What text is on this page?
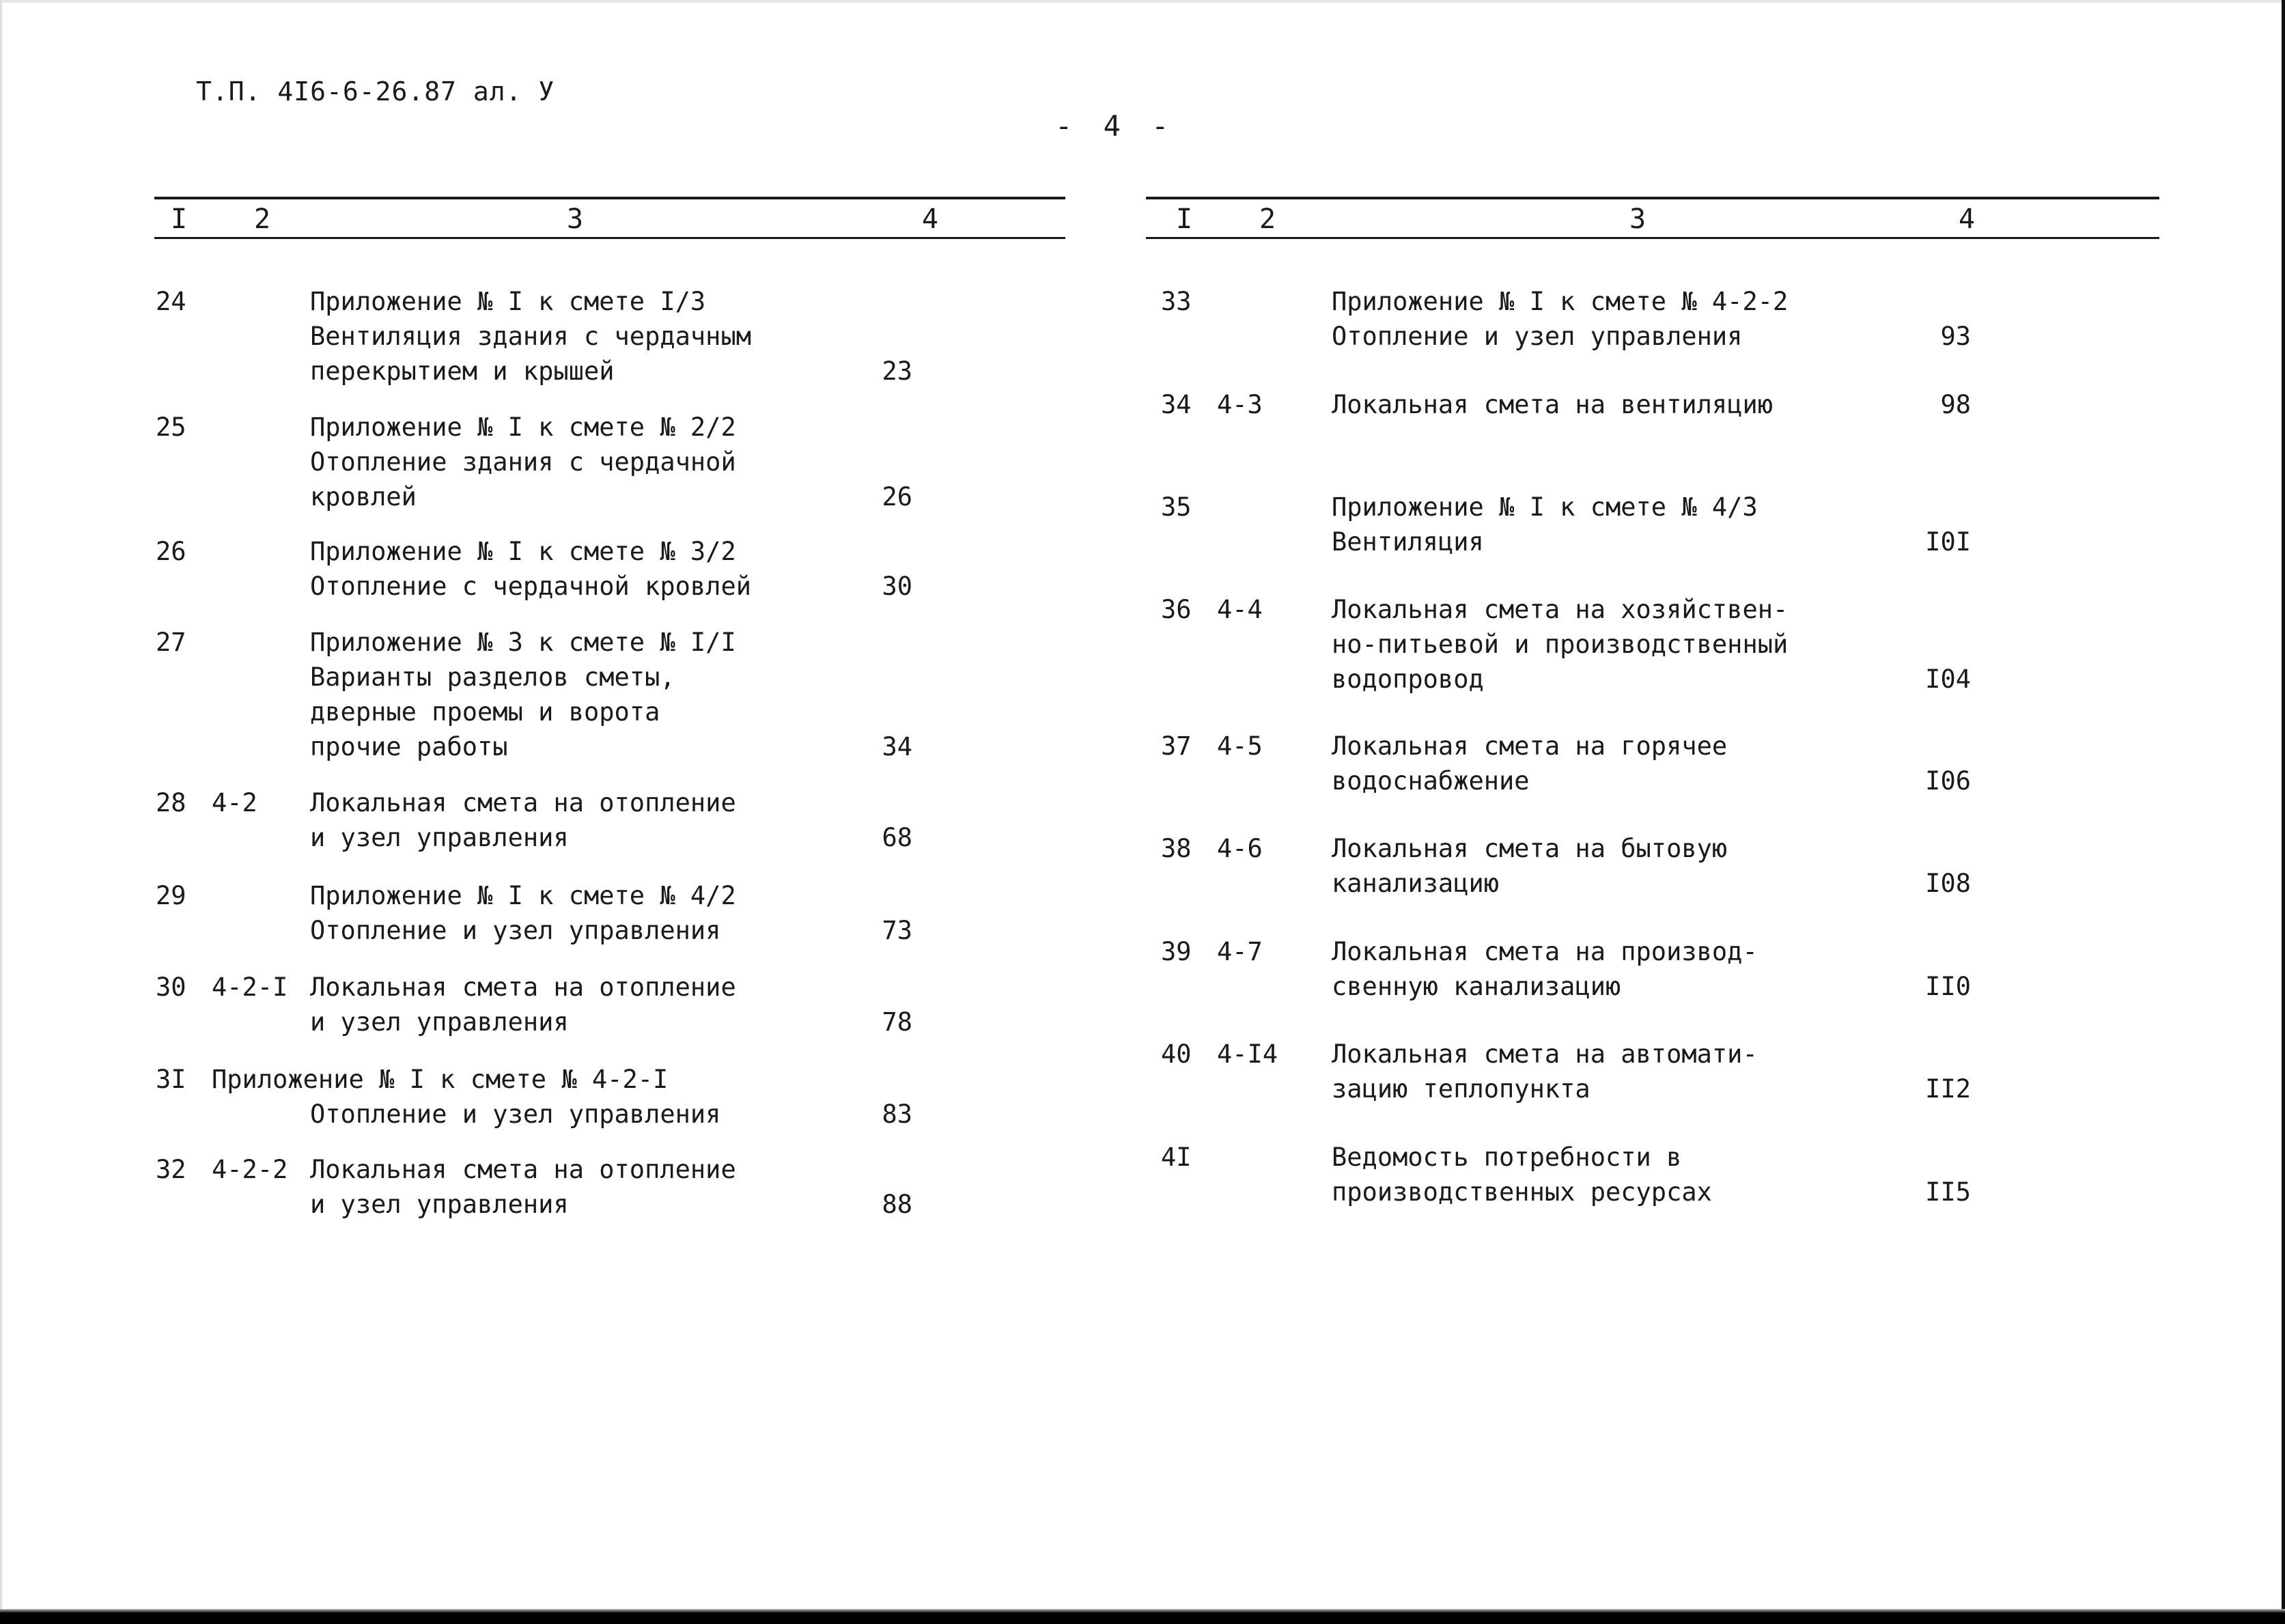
Т.П. 4I6-6-26.87 ал. У
- 4 -
I 2	3	4
24	Приложение № I к смете I/3
Вентиляция здания с чердачным
перекрытием и крышей	23
25	Приложение № I к смете № 2/2
Отопление здания с чердачной
кровлей	26
26	Приложение № I к смете № 3/2
Отопление с чердачной кровлей	30
27	Приложение № 3 к смете № I/I
Варианты разделов сметы,
дверные проемы и ворота
прочие работы	34
28 4-2 Локальная смета на отопление
и узел управления	68
29	Приложение № I к смете № 4/2
Отопление и узел управления	73
30 4-2-I Локальная смета на отопление
и узел управления	78
3I Приложение № I к смете № 4-2-I
Отопление и узел управления	83
32 4-2-2 Локальная смета на отопление
и узел управления	88
I 2	3	4
33	Приложение № I к смете № 4-2-2
Отопление и узел управления	93
34 4-3	Локальная смета на вентиляцию	98
35	Приложение № I к смете № 4/3
Вентиляция	I0I
36 4-4	Локальная смета на хозяйствен-
но-питьевой и производственный
водопровод	I04
37 4-5	Локальная смета на горячее
водоснабжение	I06
38 4-6	Локальная смета на бытовую
канализацию	I08
39 4-7	Локальная смета на производ-
свенную канализацию	II0
40 4-I4 Локальная смета на автомати-
зацию теплопункта	II2
4I	Ведомость потребности в
производственных ресурсах	II5
